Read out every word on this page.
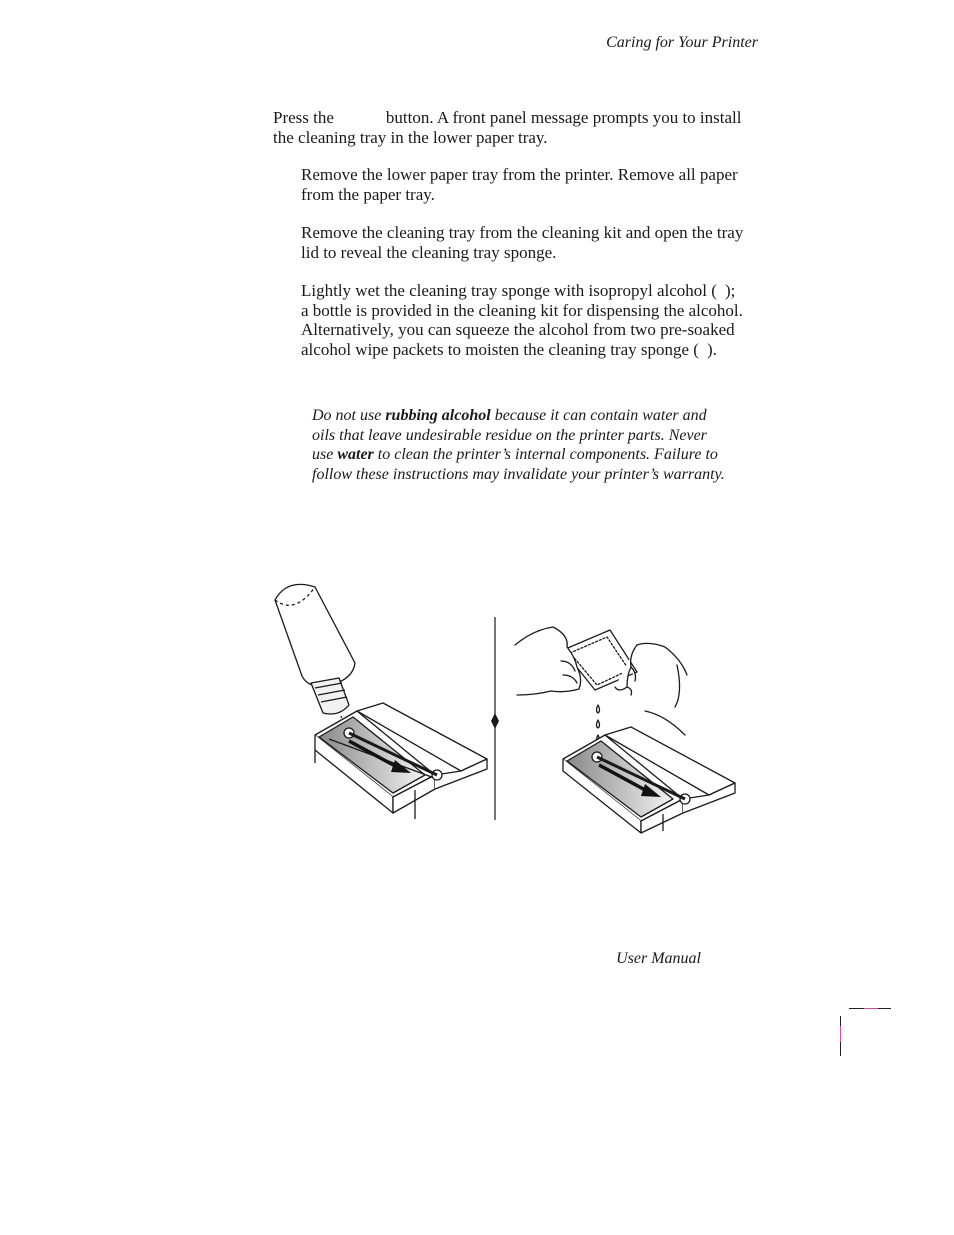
Caring for Your Printer

Press the	button. A front panel message prompts you to install the cleaning tray in the lower paper tray.

Remove the lower paper tray from the printer. Remove all paper from the paper tray.

Remove the cleaning tray from the cleaning kit and open the tray lid to reveal the cleaning tray sponge.

Lightly wet the cleaning tray sponge with isopropyl alcohol ( ); a bottle is provided in the cleaning kit for dispensing the alcohol. Alternatively, you can squeeze the alcohol from two pre-soaked alcohol wipe packets to moisten the cleaning tray sponge ( ).

Do not use rubbing alcohol because it can contain water and oils that leave undesirable residue on the printer parts. Never use water to clean the printer’s internal components. Failure to follow these instructions may invalidate your printer’s warranty.

User Manual
